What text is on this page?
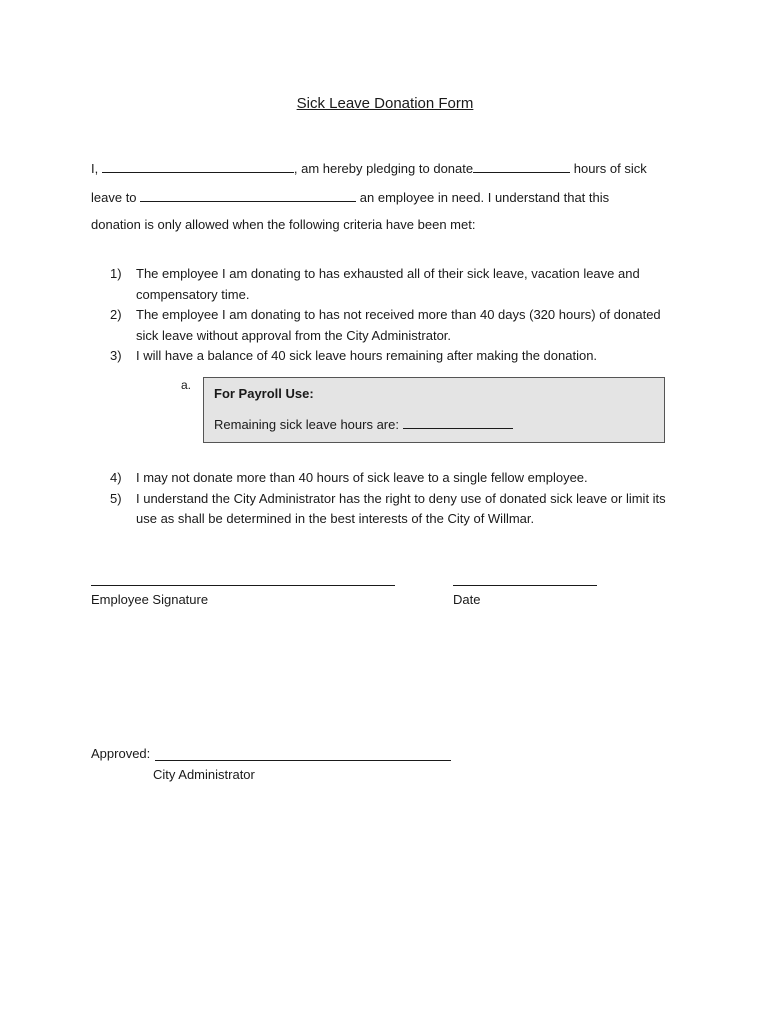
Sick Leave Donation Form
I,	, am hereby pledging to donate	hours of sick
leave to	an employee in need. I understand that this
donation is only allowed when the following criteria have been met:
1) The employee I am donating to has exhausted all of their sick leave, vacation leave and compensatory time.
2) The employee I am donating to has not received more than 40 days (320 hours) of donated sick leave without approval from the City Administrator.
3) I will have a balance of 40 sick leave hours remaining after making the donation.
a.
For Payroll Use:
Remaining sick leave hours are:
4) I may not donate more than 40 hours of sick leave to a single fellow employee.
5) I understand the City Administrator has the right to deny use of donated sick leave or limit its use as shall be determined in the best interests of the City of Willmar.
Employee Signature	Date
Approved:
City Administrator
